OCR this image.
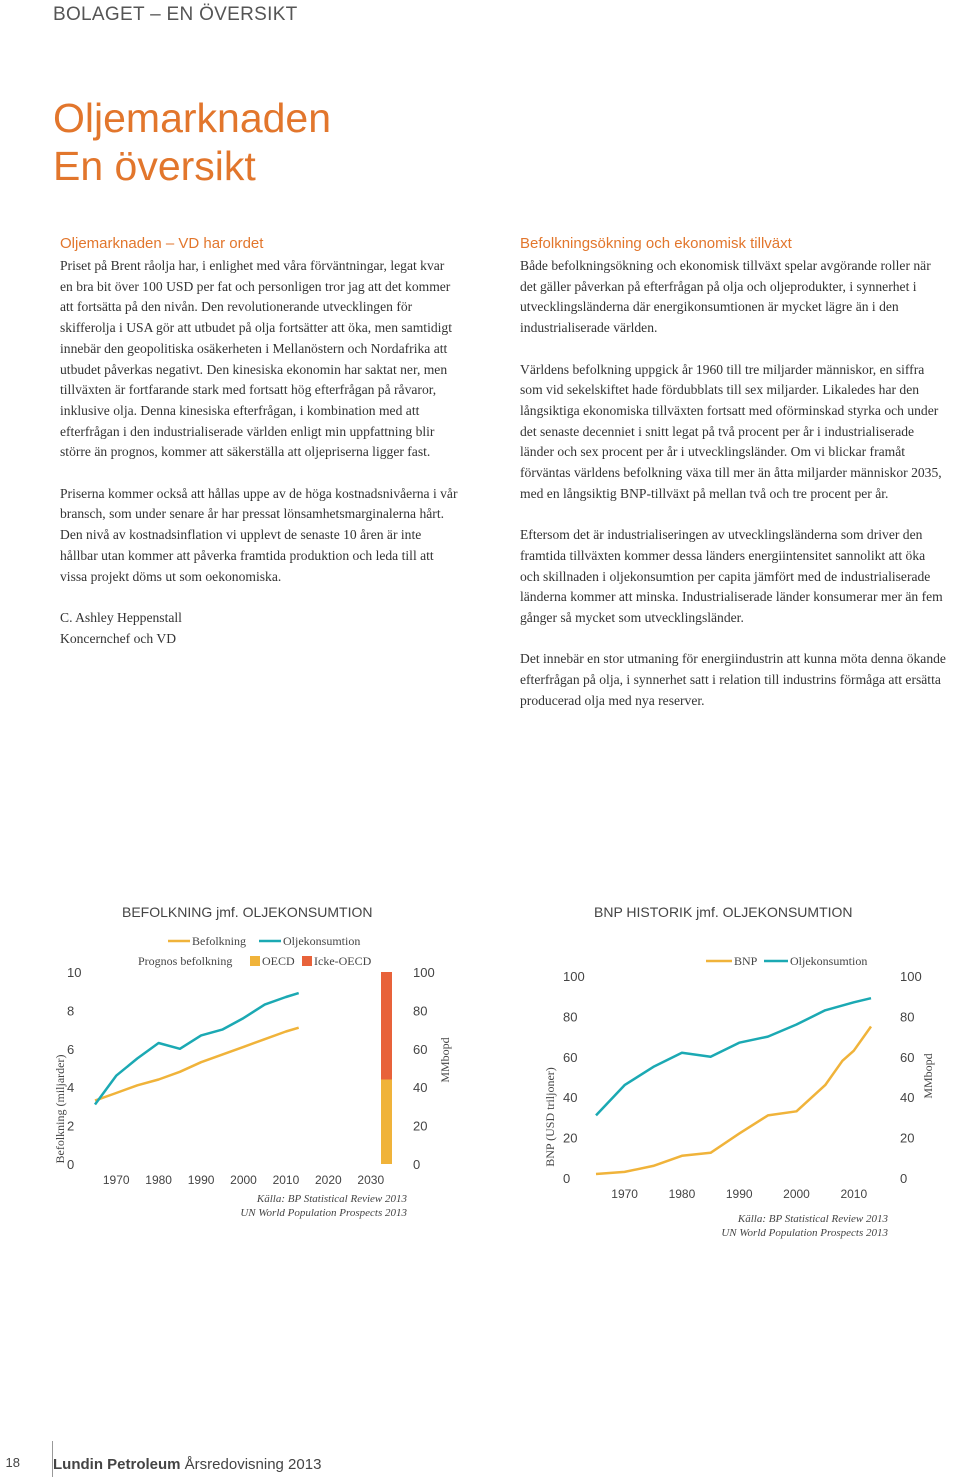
BOLAGET – EN ÖVERSIKT
Oljemarknaden
En översikt
Oljemarknaden – VD har ordet

Priset på Brent råolja har, i enlighet med våra förväntningar, legat kvar en bra bit över 100 USD per fat och personligen tror jag att det kommer att fortsätta på den nivån. Den revolutionerande utvecklingen för skifferolja i USA gör att utbudet på olja fortsätter att öka, men samtidigt innebär den geopolitiska osäkerheten i Mellanöstern och Nordafrika att utbudet påverkas negativt. Den kinesiska ekonomin har saktat ner, men tillväxten är fortfarande stark med fortsatt hög efterfrågan på råvaror, inklusive olja. Denna kinesiska efterfrågan, i kombination med att efterfrågan i den industrialiserade världen enligt min uppfattning blir större än prognos, kommer att säkerställa att oljepriserna ligger fast.

Priserna kommer också att hållas uppe av de höga kostnadsnivåerna i vår bransch, som under senare år har pressat lönsamhetsmarginalerna hårt. Den nivå av kostnadsinflation vi upplevt de senaste 10 åren är inte hållbar utan kommer att påverka framtida produktion och leda till att vissa projekt döms ut som oekonomiska.

C. Ashley Heppenstall
Koncernchef och VD
Befolkningsökning och ekonomisk tillväxt

Både befolkningsökning och ekonomisk tillväxt spelar avgörande roller när det gäller påverkan på efterfrågan på olja och oljeprodukter, i synnerhet i utvecklingsländerna där energikonsumtionen är mycket lägre än i den industrialiserade världen.

Världens befolkning uppgick år 1960 till tre miljarder människor, en siffra som vid sekelskiftet hade fördubblats till sex miljarder. Likaledes har den långsiktiga ekonomiska tillväxten fortsatt med oförminskad styrka och under det senaste decenniet i snitt legat på två procent per år i industrialiserade länder och sex procent per år i utvecklingsländer. Om vi blickar framåt förväntas världens befolkning växa till mer än åtta miljarder människor 2035, med en långsiktig BNP-tillväxt på mellan två och tre procent per år.

Eftersom det är industrialiseringen av utvecklingsländerna som driver den framtida tillväxten kommer dessa länders energiintensitet sannolikt att öka och skillnaden i oljekonsumtion per capita jämfört med de industrialiserade länderna kommer att minska. Industrialiserade länder konsumerar mer än fem gånger så mycket som utvecklingsländer.

Det innebär en stor utmaning för energiindustrin att kunna möta denna ökande efterfrågan på olja, i synnerhet satt i relation till industrins förmåga att ersätta producerad olja med nya reserver.

BEFOLKNING jmf. OLJEKONSUMTION
Befolkning	Oljekonsumtion
Prognos befolkning OECD Icke-OECD
Befolkning (miljarder)	MMbopd
0
2
4
6
8
10
0
20
40
60
80
100
1970 1980 1990 2000 2010 2020 2030
Källa: BP Statistical Review 2013
UN World Population Prospects 2013
BNP HISTORIK jmf. OLJEKONSUMTION
BNP	Oljekonsumtion
BNP (USD triljoner)	MMbopd
0
20
40
60
80
100
0
20
40
60
80
100
1970	1980	1990	2000	2010
Källa: BP Statistical Review 2013
UN World Population Prospects 2013
18 Lundin Petroleum Årsredovisning 2013
